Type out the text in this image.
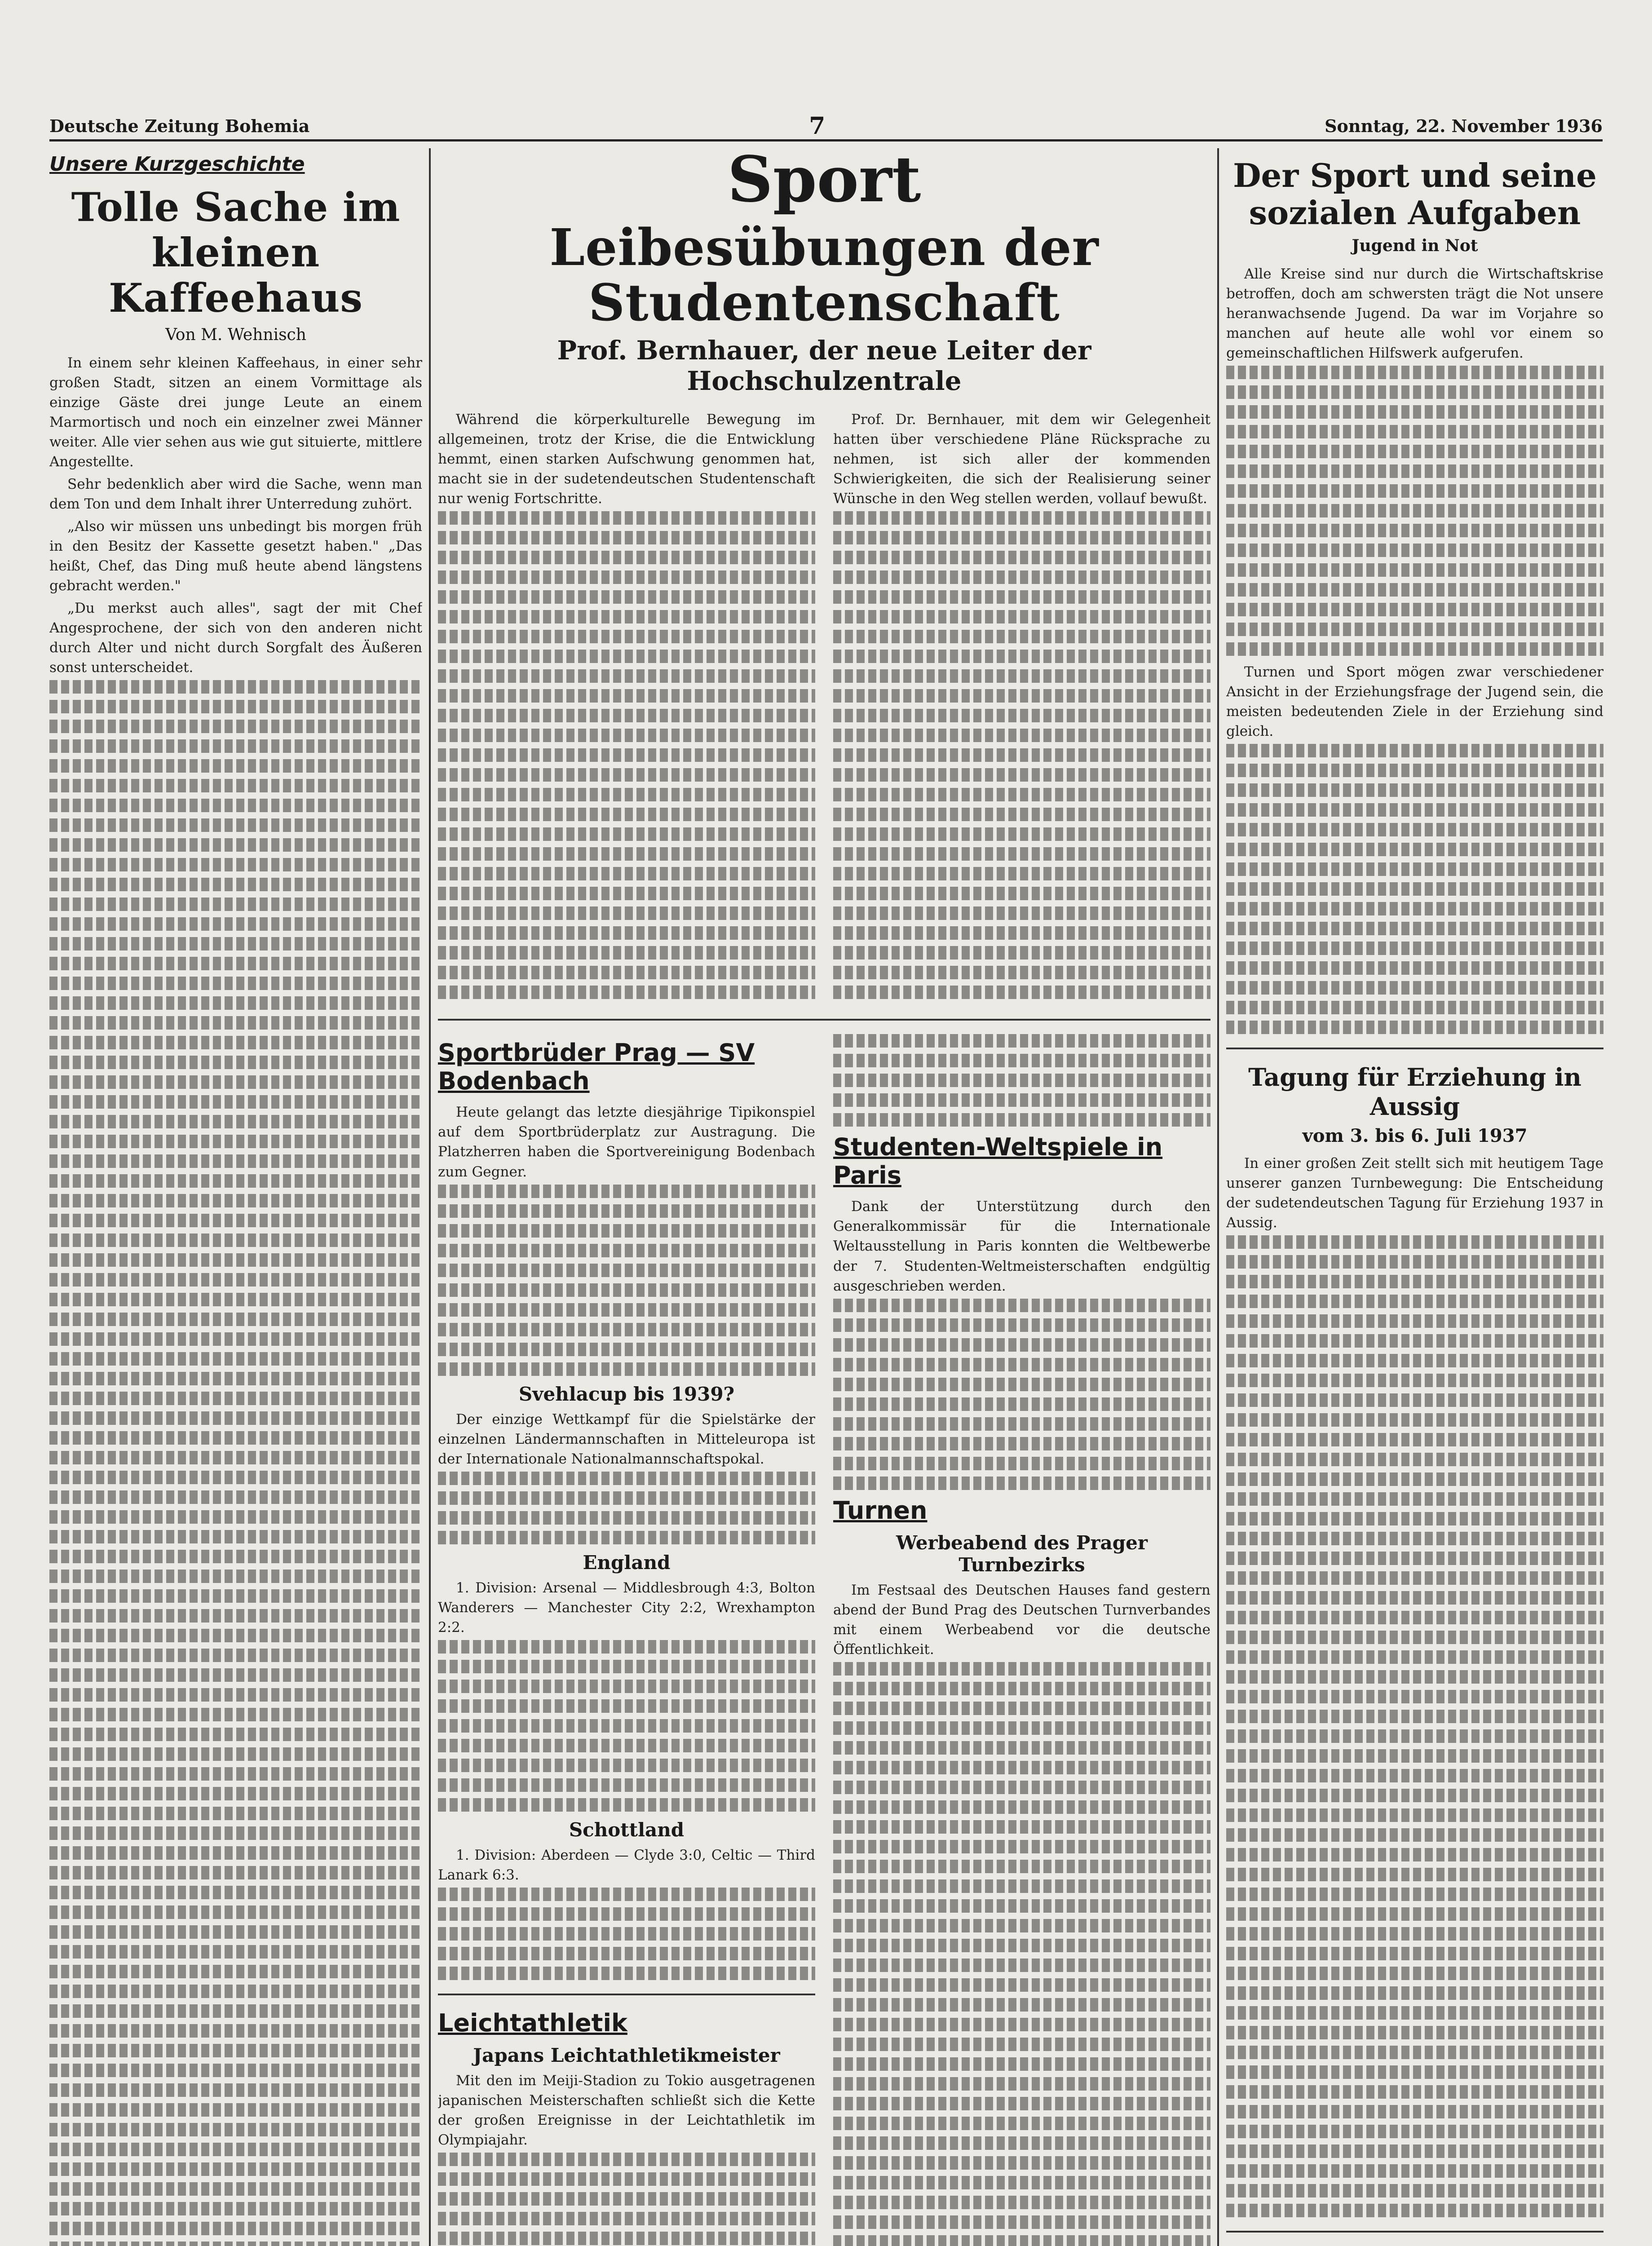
Deutsche Zeitung Bohemia	7	Sonntag, 22. November 1936
Unsere Kurzgeschichte
Tolle Sache im kleinen Kaffeehaus
Von M. Wehnisch

In einem sehr kleinen Kaffeehaus, in einer sehr großen Stadt, sitzen an einem Vormittage als einzige Gäste drei junge Leute an einem Marmortisch und noch ein einzelner zwei Männer weiter. Alle vier sehen aus wie gut situierte, mittlere Angestellte.

Sehr bedenklich aber wird die Sache, wenn man dem Ton und dem Inhalt ihrer Unterredung zuhört.

„Also wir müssen uns unbedingt bis morgen früh in den Besitz der Kassette gesetzt haben." „Das heißt, Chef, das Ding muß heute abend längstens gebracht werden."

„Du merkst auch alles", sagt der mit Chef Angesprochene, der sich von den anderen nicht durch Alter und nicht durch Sorgfalt des Äußeren sonst unterscheidet.

Sport
Leibesübungen der Studentenschaft
Prof. Bernhauer, der neue Leiter der Hochschulzentrale

Während die körperkulturelle Bewegung im allgemeinen, trotz der Krise, die die Entwicklung hemmt, einen starken Aufschwung genommen hat, macht sie in der sudetendeutschen Studentenschaft nur wenig Fortschritte.

Prof. Dr. Bernhauer, mit dem wir Gelegenheit hatten über verschiedene Pläne Rücksprache zu nehmen, ist sich aller der kommenden Schwierigkeiten, die sich der Realisierung seiner Wünsche in den Weg stellen werden, vollauf bewußt.

Sportbrüder Prag — SV Bodenbach

Heute gelangt das letzte diesjährige Tipikonspiel auf dem Sportbrüderplatz zur Austragung. Die Platzherren haben die Sportvereinigung Bodenbach zum Gegner.

Svehlacup bis 1939?

Der einzige Wettkampf für die Spielstärke der einzelnen Ländermannschaften in Mitteleuropa ist der Internationale Nationalmannschaftspokal.

England

1. Division: Arsenal — Middlesbrough 4:3, Bolton Wanderers — Manchester City 2:2, Wrexhampton 2:2.

Schottland

1. Division: Aberdeen — Clyde 3:0, Celtic — Third Lanark 6:3.

Leichtathletik
Japans Leichtathletikmeister

Mit den im Meiji-Stadion zu Tokio ausgetragenen japanischen Meisterschaften schließt sich die Kette der großen Ereignisse in der Leichtathletik im Olympiajahr.

Studenten-Weltspiele in Paris

Dank der Unterstützung durch den Generalkommissär für die Internationale Weltausstellung in Paris konnten die Weltbewerbe der 7. Studenten-Weltmeisterschaften endgültig ausgeschrieben werden.

Turnen
Werbeabend des Prager Turnbezirks

Im Festsaal des Deutschen Hauses fand gestern abend der Bund Prag des Deutschen Turnverbandes mit einem Werbeabend vor die deutsche Öffentlichkeit.

Der Sport und seine sozialen Aufgaben
Jugend in Not

Alle Kreise sind nur durch die Wirtschaftskrise betroffen, doch am schwersten trägt die Not unsere heranwachsende Jugend. Da war im Vorjahre so manchen auf heute alle wohl vor einem so gemeinschaftlichen Hilfswerk aufgerufen.

Turnen und Sport mögen zwar verschiedener Ansicht in der Erziehungsfrage der Jugend sein, die meisten bedeutenden Ziele in der Erziehung sind gleich.

Tagung für Erziehung in Aussig
vom 3. bis 6. Juli 1937

In einer großen Zeit stellt sich mit heutigem Tage unserer ganzen Turnbewegung: Die Entscheidung der sudetendeutschen Tagung für Erziehung 1937 in Aussig.
